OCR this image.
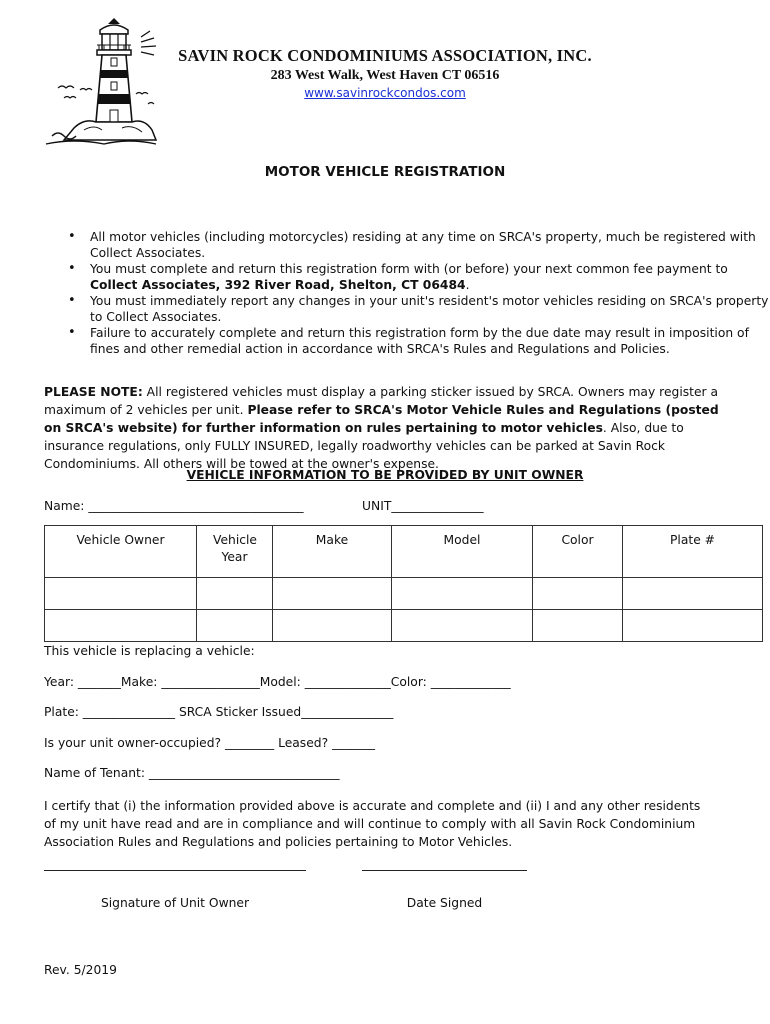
SAVIN ROCK CONDOMINIUMS ASSOCIATION, INC.
283 West Walk, West Haven CT 06516
www.savinrockcondos.com
MOTOR VEHICLE REGISTRATION
• All motor vehicles (including motorcycles) residing at any time on SRCA's property, much be registered with Collect Associates.
• You must complete and return this registration form with (or before) your next common fee payment to Collect Associates, 392 River Road, Shelton, CT 06484.
• You must immediately report any changes in your unit's resident's motor vehicles residing on SRCA's property to Collect Associates.
• Failure to accurately complete and return this registration form by the due date may result in imposition of fines and other remedial action in accordance with SRCA's Rules and Regulations and Policies.
PLEASE NOTE: All registered vehicles must display a parking sticker issued by SRCA. Owners may register a maximum of 2 vehicles per unit. Please refer to SRCA's Motor Vehicle Rules and Regulations (posted on SRCA's website) for further information on rules pertaining to motor vehicles. Also, due to insurance regulations, only FULLY INSURED, legally roadworthy vehicles can be parked at Savin Rock Condominiums. All others will be towed at the owner's expense.
VEHICLE INFORMATION TO BE PROVIDED BY UNIT OWNER
Name: ___________________________________	UNIT_______________
Vehicle Owner	Vehicle Year	Make	Model	Color	Plate #

This vehicle is replacing a vehicle:
Year: _______Make: ________________Model: ______________Color: _____________
Plate: _______________ SRCA Sticker Issued_______________
Is your unit owner-occupied? ________ Leased? _______
Name of Tenant: _______________________________
I certify that (i) the information provided above is accurate and complete and (ii) I and any other residents of my unit have read and are in compliance and will continue to comply with all Savin Rock Condominium Association Rules and Regulations and policies pertaining to Motor Vehicles.
Signature of Unit Owner	Date Signed
Rev. 5/2019
